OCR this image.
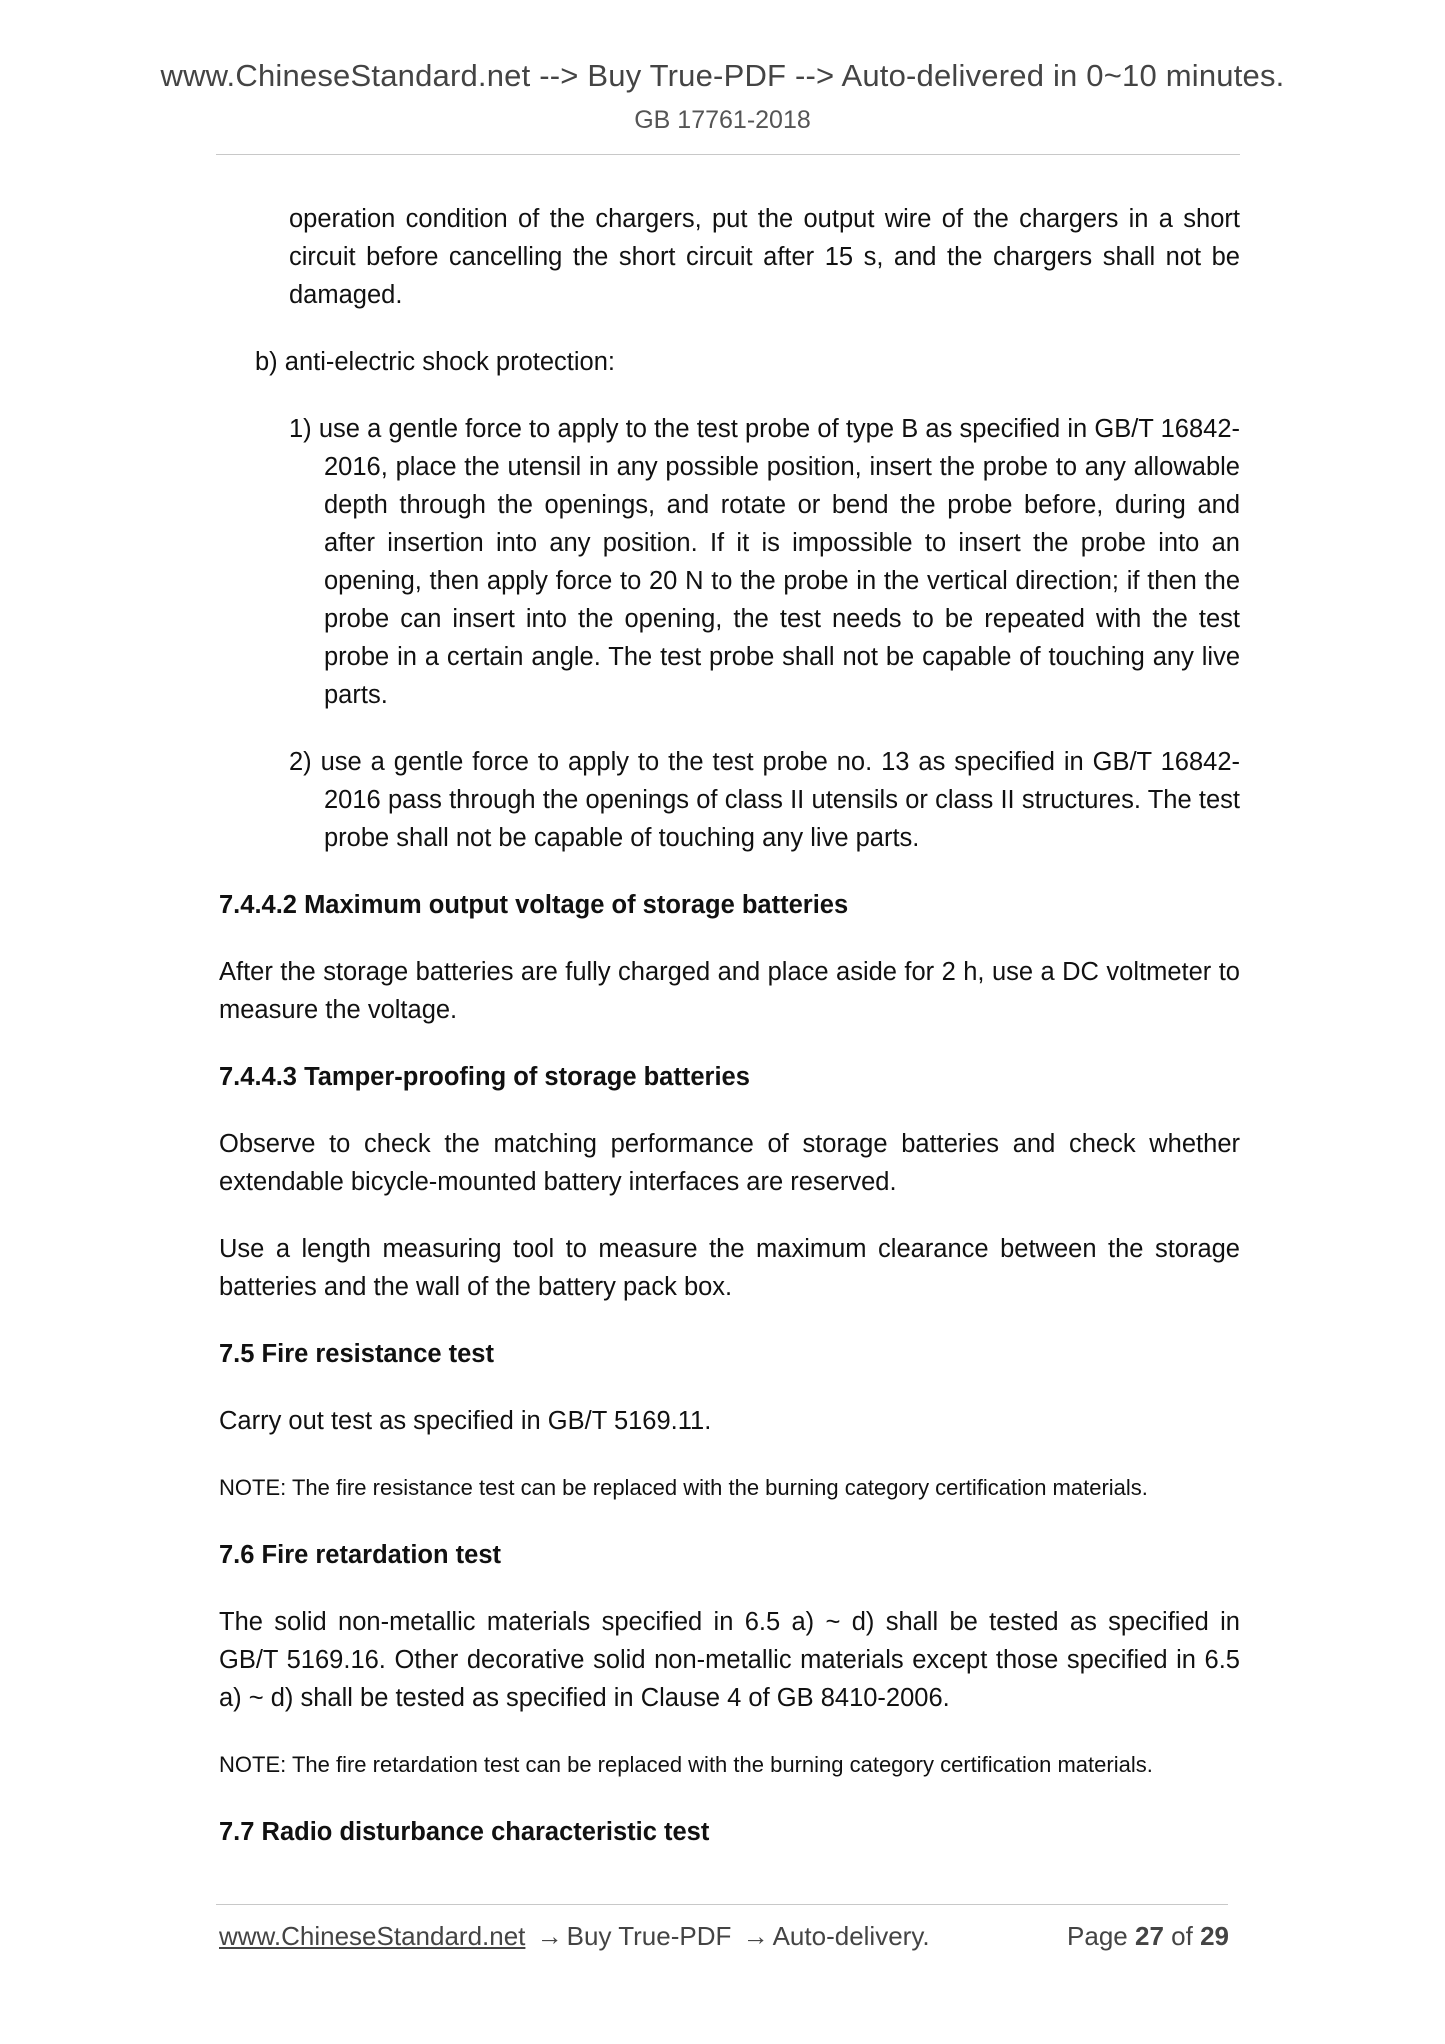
www.ChineseStandard.net --> Buy True-PDF --> Auto-delivered in 0~10 minutes.
GB 17761-2018

operation condition of the chargers, put the output wire of the chargers in a short circuit before cancelling the short circuit after 15 s, and the chargers shall not be damaged.

b) anti-electric shock protection:

1) use a gentle force to apply to the test probe of type B as specified in GB/T 16842-2016, place the utensil in any possible position, insert the probe to any allowable depth through the openings, and rotate or bend the probe before, during and after insertion into any position. If it is impossible to insert the probe into an opening, then apply force to 20 N to the probe in the vertical direction; if then the probe can insert into the opening, the test needs to be repeated with the test probe in a certain angle. The test probe shall not be capable of touching any live parts.
2) use a gentle force to apply to the test probe no. 13 as specified in GB/T 16842-2016 pass through the openings of class II utensils or class II structures. The test probe shall not be capable of touching any live parts.

7.4.4.2 Maximum output voltage of storage batteries

After the storage batteries are fully charged and place aside for 2 h, use a DC voltmeter to measure the voltage.

7.4.4.3 Tamper-proofing of storage batteries

Observe to check the matching performance of storage batteries and check whether extendable bicycle-mounted battery interfaces are reserved.

Use a length measuring tool to measure the maximum clearance between the storage batteries and the wall of the battery pack box.

7.5 Fire resistance test

Carry out test as specified in GB/T 5169.11.

NOTE: The fire resistance test can be replaced with the burning category certification materials.

7.6 Fire retardation test

The solid non-metallic materials specified in 6.5 a) ~ d) shall be tested as specified in GB/T 5169.16. Other decorative solid non-metallic materials except those specified in 6.5 a) ~ d) shall be tested as specified in Clause 4 of GB 8410-2006.

NOTE: The fire retardation test can be replaced with the burning category certification materials.

7.7 Radio disturbance characteristic test

www.ChineseStandard.net → Buy True-PDF → Auto-delivery.	Page 27 of 29
